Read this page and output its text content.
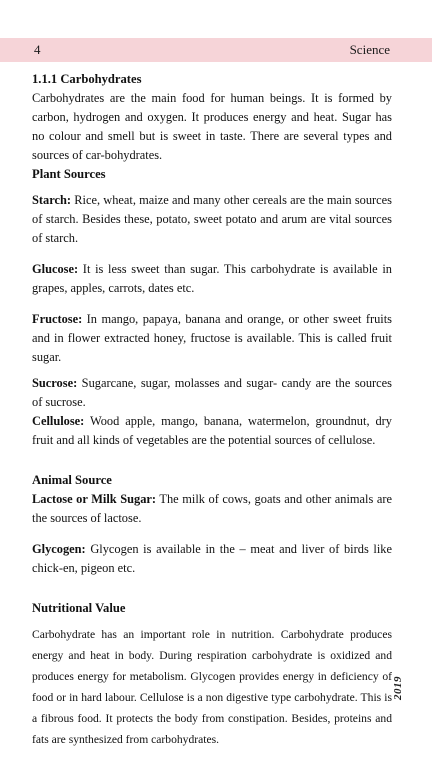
4	Science

1.1.1 Carbohydrates

Carbohydrates are the main food for human beings. It is formed by carbon, hydrogen and oxygen. It produces energy and heat. Sugar has no colour and smell but is sweet in taste. There are several types and sources of car-bohydrates.

Plant Sources

Starch: Rice, wheat, maize and many other cereals are the main sources of starch. Besides these, potato, sweet potato and arum are vital sources of starch.

Glucose: It is less sweet than sugar. This carbohydrate is available in grapes, apples, carrots, dates etc.

Fructose: In mango, papaya, banana and orange, or other sweet fruits and in flower extracted honey, fructose is available. This is called fruit sugar.

Sucrose: Sugarcane, sugar, molasses and sugar- candy are the sources of sucrose.

Cellulose: Wood apple, mango, banana, watermelon, groundnut, dry fruit and all kinds of vegetables are the potential sources of cellulose.

Animal Source

Lactose or Milk Sugar: The milk of cows, goats and other animals are the sources of lactose.

Glycogen: Glycogen is available in the – meat and liver of birds like chick-en, pigeon etc.

Nutritional Value

Carbohydrate has an important role in nutrition. Carbohydrate produces energy and heat in body. During respiration carbohydrate is oxidized and produces energy for metabolism. Glycogen provides energy in deficiency of food or in hard labour. Cellulose is a non digestive type carbohydrate. This is a fibrous food. It protects the body from constipation. Besides, proteins and fats are synthesized from carbohydrates.

2019
